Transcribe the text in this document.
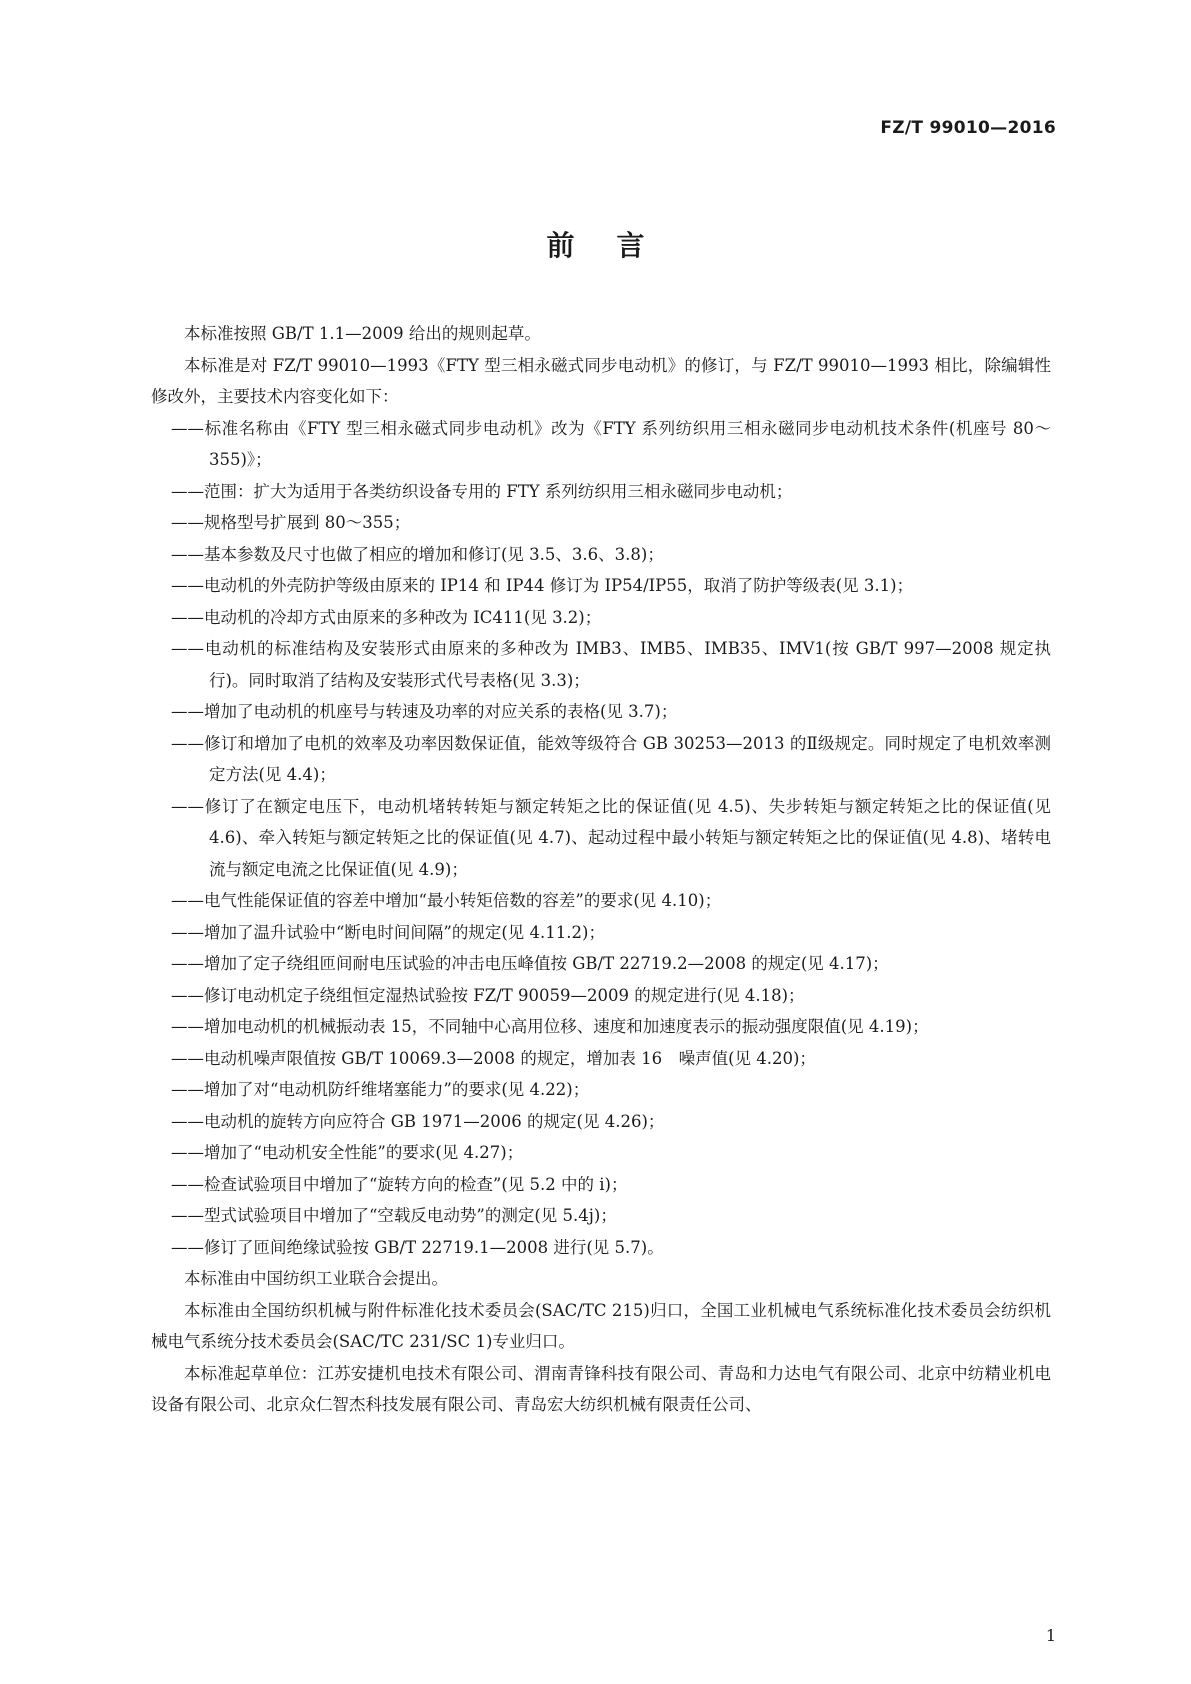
FZ/T 99010—2016
前言

本标准按照 GB/T 1.1—2009 给出的规则起草。

本标准是对 FZ/T 99010—1993《FTY 型三相永磁式同步电动机》的修订，与 FZ/T 99010—1993 相比，除编辑性修改外，主要技术内容变化如下：

——标准名称由《FTY 型三相永磁式同步电动机》改为《FTY 系列纺织用三相永磁同步电动机技术条件(机座号 80～355)》；

——范围：扩大为适用于各类纺织设备专用的 FTY 系列纺织用三相永磁同步电动机；

——规格型号扩展到 80～355；

——基本参数及尺寸也做了相应的增加和修订(见 3.5、3.6、3.8)；

——电动机的外壳防护等级由原来的 IP14 和 IP44 修订为 IP54/IP55，取消了防护等级表(见 3.1)；

——电动机的冷却方式由原来的多种改为 IC411(见 3.2)；

——电动机的标准结构及安装形式由原来的多种改为 IMB3、IMB5、IMB35、IMV1(按 GB/T 997—2008 规定执行)。同时取消了结构及安装形式代号表格(见 3.3)；

——增加了电动机的机座号与转速及功率的对应关系的表格(见 3.7)；

——修订和增加了电机的效率及功率因数保证值，能效等级符合 GB 30253—2013 的Ⅱ级规定。同时规定了电机效率测定方法(见 4.4)；

——修订了在额定电压下，电动机堵转转矩与额定转矩之比的保证值(见 4.5)、失步转矩与额定转矩之比的保证值(见 4.6)、牵入转矩与额定转矩之比的保证值(见 4.7)、起动过程中最小转矩与额定转矩之比的保证值(见 4.8)、堵转电流与额定电流之比保证值(见 4.9)；

——电气性能保证值的容差中增加“最小转矩倍数的容差”的要求(见 4.10)；

——增加了温升试验中“断电时间间隔”的规定(见 4.11.2)；

——增加了定子绕组匝间耐电压试验的冲击电压峰值按 GB/T 22719.2—2008 的规定(见 4.17)；

——修订电动机定子绕组恒定湿热试验按 FZ/T 90059—2009 的规定进行(见 4.18)；

——增加电动机的机械振动表 15，不同轴中心高用位移、速度和加速度表示的振动强度限值(见 4.19)；

——电动机噪声限值按 GB/T 10069.3—2008 的规定，增加表 16　噪声值(见 4.20)；

——增加了对“电动机防纤维堵塞能力”的要求(见 4.22)；

——电动机的旋转方向应符合 GB 1971—2006 的规定(见 4.26)；

——增加了“电动机安全性能”的要求(见 4.27)；

——检查试验项目中增加了“旋转方向的检查”(见 5.2 中的 i)；

——型式试验项目中增加了“空载反电动势”的测定(见 5.4j)；

——修订了匝间绝缘试验按 GB/T 22719.1—2008 进行(见 5.7)。

本标准由中国纺织工业联合会提出。

本标准由全国纺织机械与附件标准化技术委员会(SAC/TC 215)归口，全国工业机械电气系统标准化技术委员会纺织机械电气系统分技术委员会(SAC/TC 231/SC 1)专业归口。

本标准起草单位：江苏安捷机电技术有限公司、渭南青锋科技有限公司、青岛和力达电气有限公司、北京中纺精业机电设备有限公司、北京众仁智杰科技发展有限公司、青岛宏大纺织机械有限责任公司、

1
